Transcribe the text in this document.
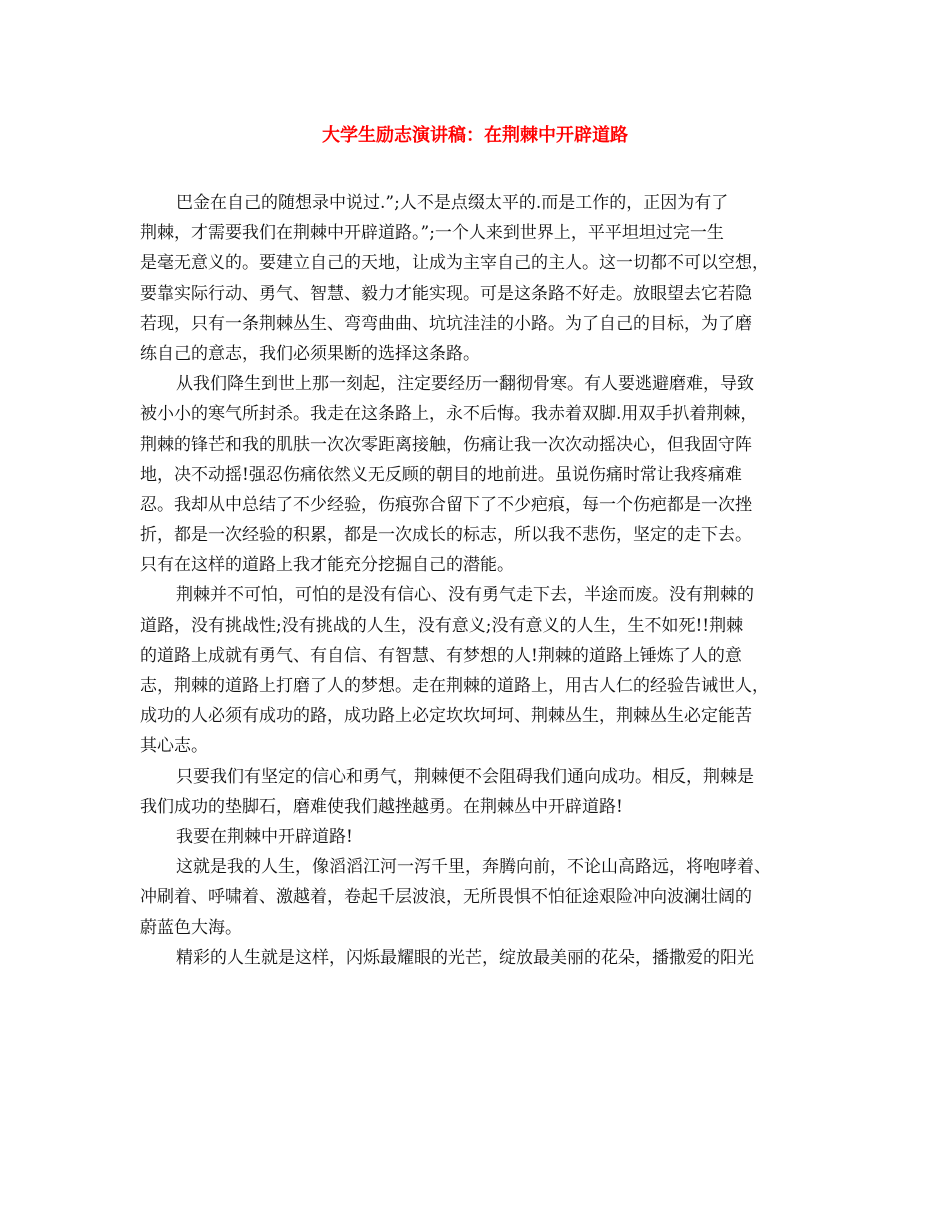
大学生励志演讲稿：在荆棘中开辟道路
巴金在自己的随想录中说过.”;人不是点缀太平的.而是工作的，正因为有了
荆棘，才需要我们在荆棘中开辟道路。”;一个人来到世界上，平平坦坦过完一生
是毫无意义的。要建立自己的天地，让成为主宰自己的主人。这一切都不可以空想，
要靠实际行动、勇气、智慧、毅力才能实现。可是这条路不好走。放眼望去它若隐
若现，只有一条荆棘丛生、弯弯曲曲、坑坑洼洼的小路。为了自己的目标，为了磨
练自己的意志，我们必须果断的选择这条路。
从我们降生到世上那一刻起，注定要经历一翻彻骨寒。有人要逃避磨难，导致
被小小的寒气所封杀。我走在这条路上，永不后悔。我赤着双脚.用双手扒着荆棘，
荆棘的锋芒和我的肌肤一次次零距离接触，伤痛让我一次次动摇决心，但我固守阵
地，决不动摇!强忍伤痛依然义无反顾的朝目的地前进。虽说伤痛时常让我疼痛难
忍。我却从中总结了不少经验，伤痕弥合留下了不少疤痕，每一个伤疤都是一次挫
折，都是一次经验的积累，都是一次成长的标志，所以我不悲伤，坚定的走下去。
只有在这样的道路上我才能充分挖掘自己的潜能。
荆棘并不可怕，可怕的是没有信心、没有勇气走下去，半途而废。没有荆棘的
道路，没有挑战性;没有挑战的人生，没有意义;没有意义的人生，生不如死!!荆棘
的道路上成就有勇气、有自信、有智慧、有梦想的人!荆棘的道路上锤炼了人的意
志，荆棘的道路上打磨了人的梦想。走在荆棘的道路上，用古人仁的经验告诫世人，
成功的人必须有成功的路，成功路上必定坎坎坷坷、荆棘丛生，荆棘丛生必定能苦
其心志。
只要我们有坚定的信心和勇气，荆棘便不会阻碍我们通向成功。相反，荆棘是
我们成功的垫脚石，磨难使我们越挫越勇。在荆棘丛中开辟道路!
我要在荆棘中开辟道路!
这就是我的人生，像滔滔江河一泻千里，奔腾向前，不论山高路远，将咆哮着、
冲刷着、呼啸着、激越着，卷起千层波浪，无所畏惧不怕征途艰险冲向波澜壮阔的
蔚蓝色大海。
精彩的人生就是这样，闪烁最耀眼的光芒，绽放最美丽的花朵，播撒爱的阳光
